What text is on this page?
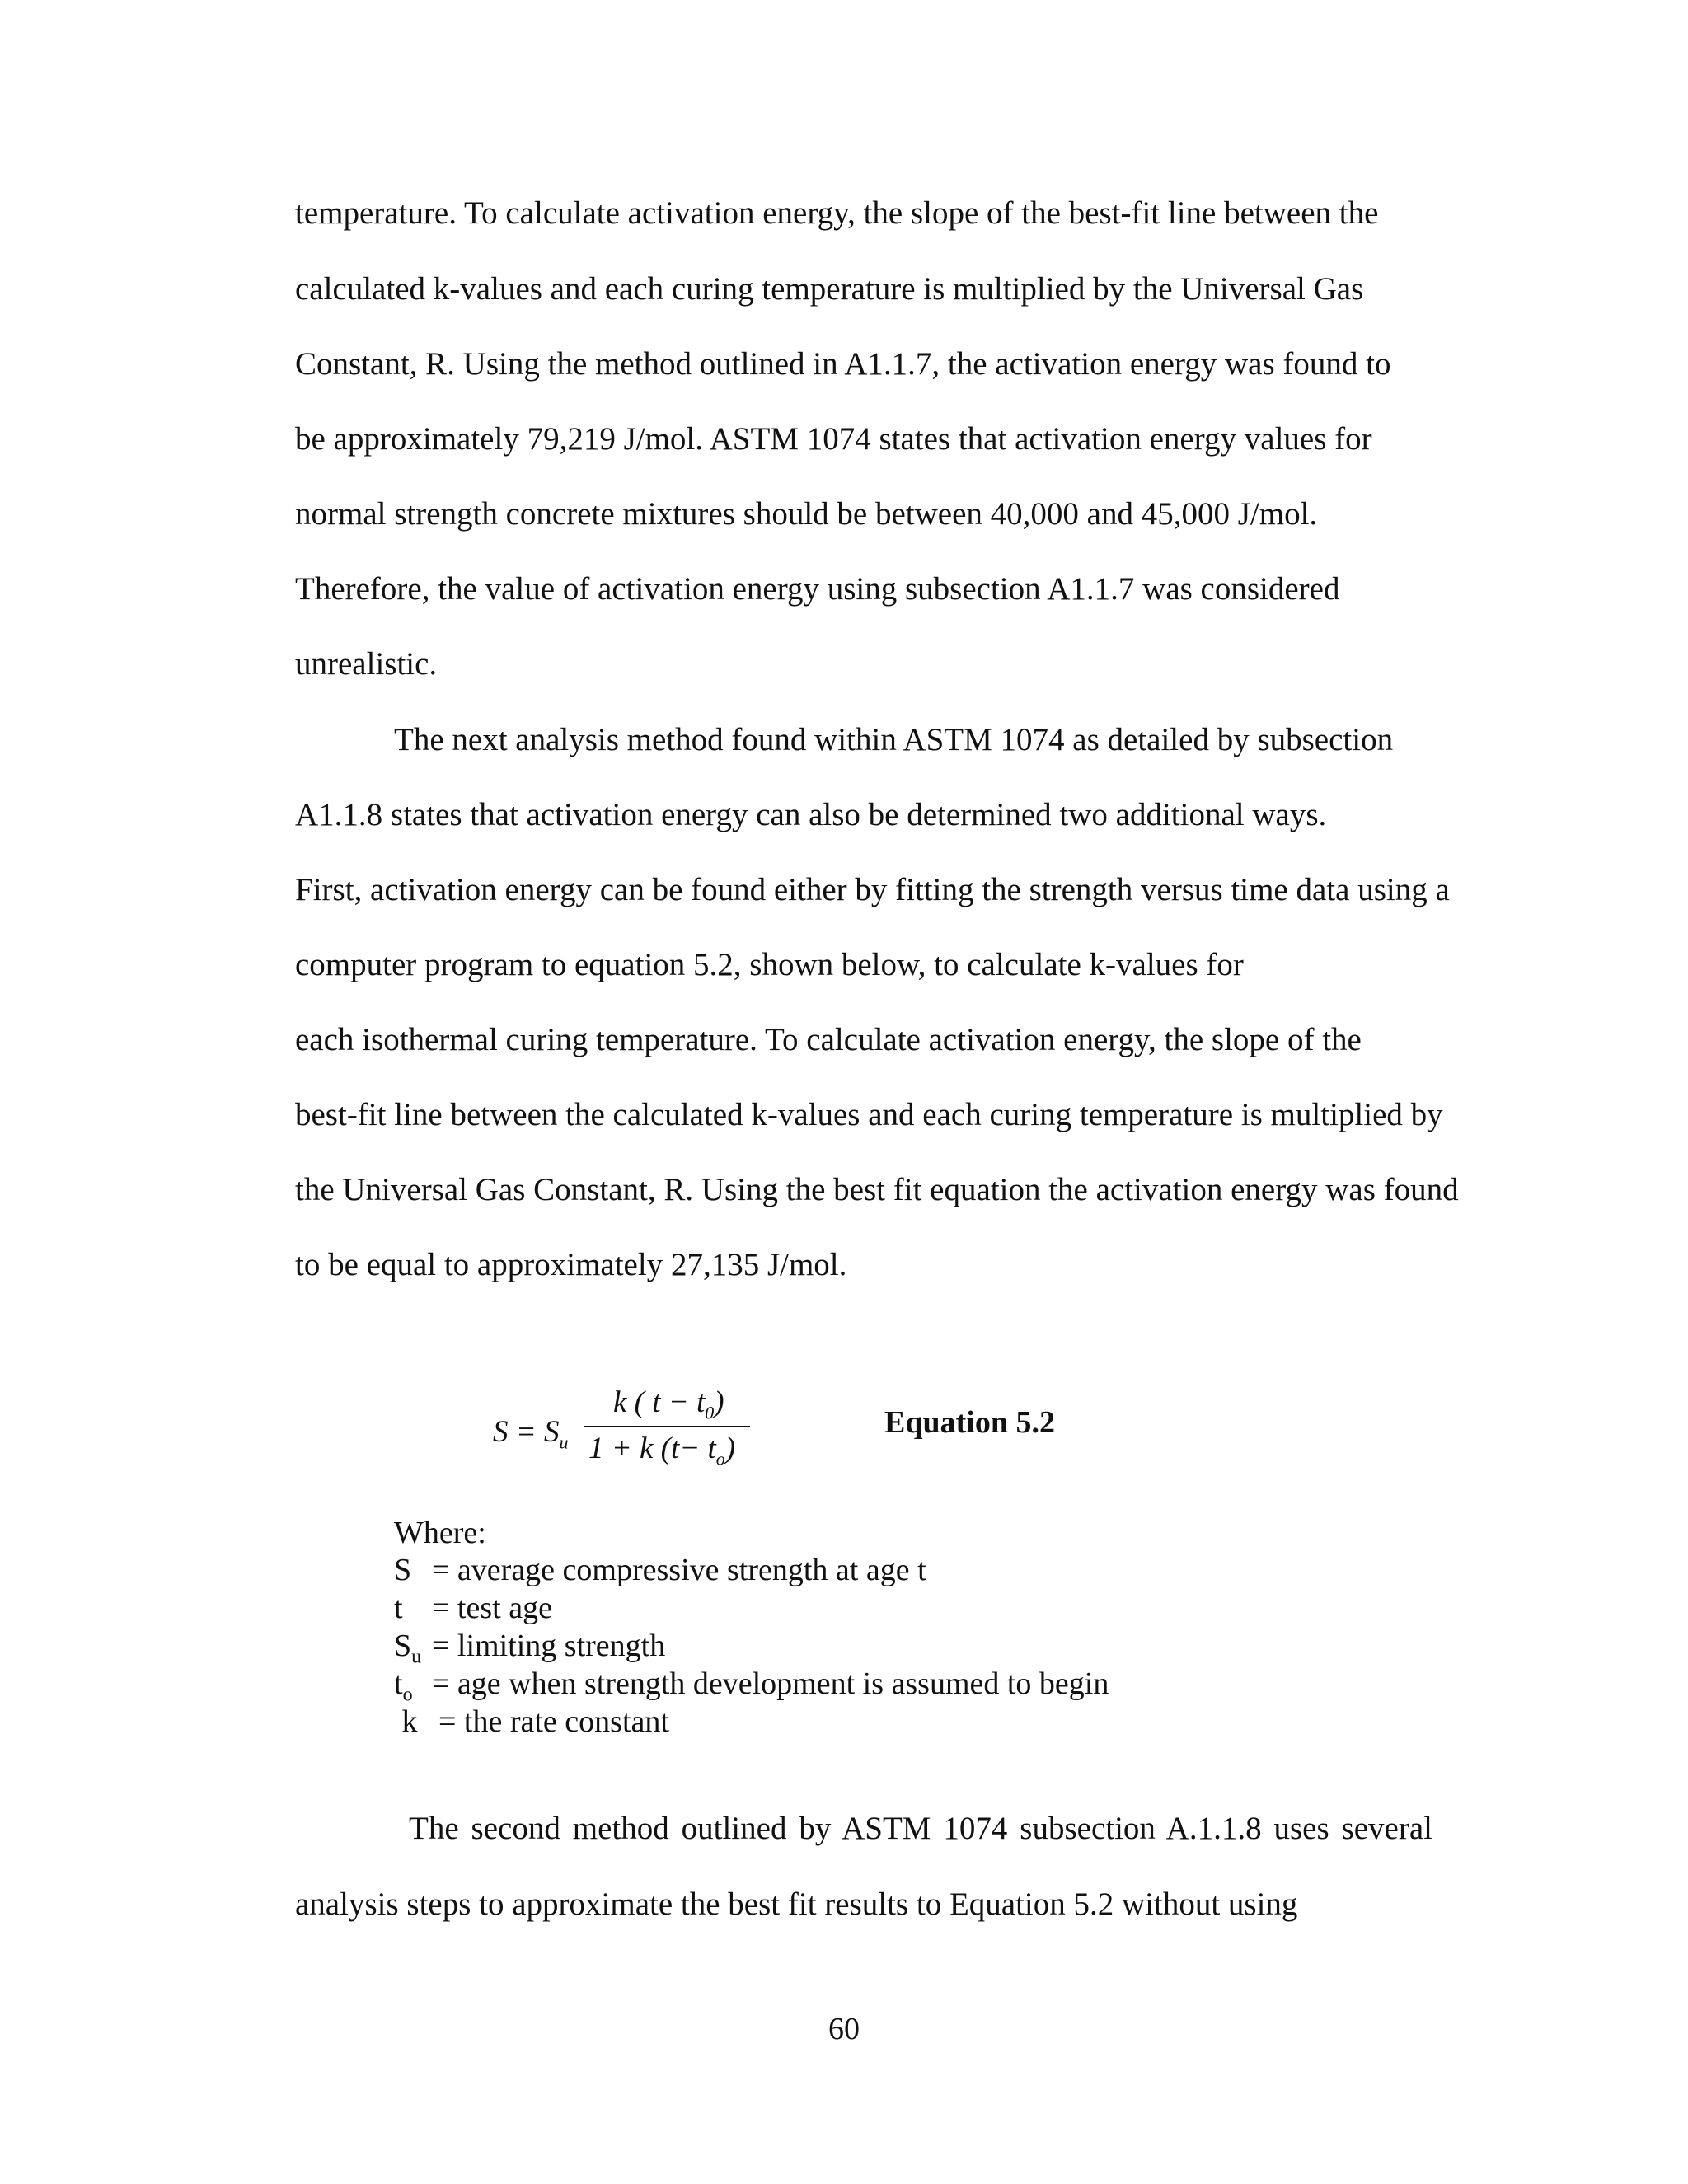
temperature. To calculate activation energy, the slope of the best-fit line between the
calculated k-values and each curing temperature is multiplied by the Universal Gas
Constant, R. Using the method outlined in A1.1.7, the activation energy was found to
be approximately 79,219 J/mol. ASTM 1074 states that activation energy values for
normal strength concrete mixtures should be between 40,000 and 45,000 J/mol.
Therefore, the value of activation energy using subsection A1.1.7 was considered
unrealistic.
The next analysis method found within ASTM 1074 as detailed by subsection
A1.1.8 states that activation energy can also be determined two additional ways.
First, activation energy can be found either by fitting the strength versus time data using a
computer program to equation 5.2, shown below, to calculate k-values for
each isothermal curing temperature. To calculate activation energy, the slope of the
best-fit line between the calculated k-values and each curing temperature is multiplied by
the Universal Gas Constant, R. Using the best fit equation the activation energy was found
to be equal to approximately 27,135 J/mol.
$S = S_u$
k ( $t - t_0$)
1 + k $(t- t_o)$
Equation 5.2
Where:
S = average compressive strength at age t
t = test age
$S_u$ = limiting strength
$t_o$ = age when strength development is assumed to begin
k = the rate constant
The second method outlined by ASTM 1074 subsection A.1.1.8 uses several
analysis steps to approximate the best fit results to Equation 5.2 without using
60
